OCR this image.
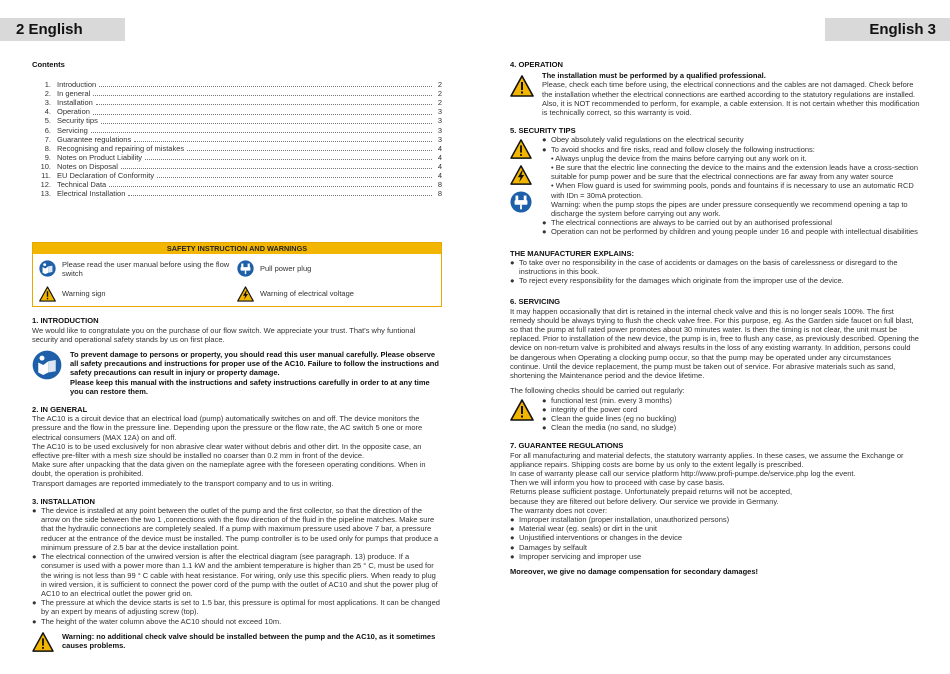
2 English	English 3

Contents

1. Introduction	2
2. In general	2
3. Installation	2
4. Operation	3
5. Security tips	3
6. Servicing	3
7. Guarantee regulations	3
8. Recognising and repairing of mistakes	4
9. Notes on Product Liability	4
10. Notes on Disposal	4
11. EU Declaration of Conformity	4
12. Technical Data	8
13. Electrical Installation	8
SAFETY INSTRUCTION AND WARNINGS
Please read the user manual before using the flow switch
Pull power plug
Warning sign	Warning of electrical voltage

1. INTRODUCTION

We would like to congratulate you on the purchase of our flow switch. We appreciate your trust. That's why funtional security and operational safety stands by us on first place.

To prevent damage to persons or property, you should read this user manual carefully. Please observe all safety precautions and instructions for proper use of the AC10. Failure to follow the instructions and safety precautions can result in injury or property damage.

Please keep this manual with the instructions and safety instructions carefully in order to at any time you can restore them.

2. IN GENERAL

The AC10 is a circuit device that an electrical load (pump) automatically switches on and off. The device monitors the pressure and the flow in the pressure line. Depending upon the pressure or the flow rate, the AC switch 5 one or more electrical consumers (MAX 12A) on and off.

The AC10 is to be used exclusively for non abrasive clear water without debris and other dirt. In the opposite case, an effective pre-filter with a mesh size should be installed no coarser than 0.2 mm in front of the device.

Make sure after unpacking that the data given on the nameplate agree with the foreseen operating conditions. When in doubt, the operation is prohibited.

Transport damages are reported immediately to the transport company and to us in writing.

3. INSTALLATION

● The device is installed at any point between the outlet of the pump and the first collector, so that the direction of the arrow on the side between the two 1 ,connections with the flow direction of the fluid in the pipeline matches. Make sure that the hydraulic connections are completely sealed. If a pump with maximum pressure used above 7 bar, a pressure reducer at the entrance of the device must be installed. The pump controller is to be used only for pumps that produce a minimum pressure of 2.5 bar at the device installation point.
● The electrical connection of the unwired version is after the electrical diagram (see paragraph. 13) produce. If a consumer is used with a power more than 1.1 kW and the ambient temperature is higher than 25 ° C, must be used for the wiring is not less than 99 ° C cable with heat resistance. For wiring, only use this specific pliers. When ready to plug in wired version, it is sufficient to connect the power cord of the pump with the outlet of AC10 and shut the power plug of AC10 to an electrical outlet the power grid on.
● The pressure at which the device starts is set to 1.5 bar, this pressure is optimal for most applications. It can be changed by an expert by means of adjusting screw (top).
● The height of the water column above the AC10 should not exceed 10m.

Warning: no additional check valve should be installed between the pump and the AC10, as it sometimes causes problems.

4. OPERATION

The installation must be performed by a qualified professional.

Please, check each time before using, the electrical connections and the cables are not damaged. Check before the installation whether the electrical connections are earthed according to the statutory regulations are installed.

Also, it is NOT recommended to perform, for example, a cable extension. It is not certain whether this modification is technically correct, so this warranty is void.

5. SECURITY TIPS

● Obey absolutely valid regulations on the electrical security
● To avoid shocks and fire risks, read and follow closely the following instructions:

• Always unplug the device from the mains before carrying out any work on it.

• Be sure that the electric line connecting the device to the mains and the extension leads have a cross-section suitable for pump power and be sure that the electrical connections are far away from any water source

• When Flow guard is used for swimming pools, ponds and fountains if is necessary to use an automatic RCD with IDn = 30mA protection.

Warning: when the pump stops the pipes are under pressure consequently we recommend opening a tap to discharge the system before carrying out any work.

● The electrical connections are always to be carried out by an authorised professional
● Operation can not be performed by children and young people under 16 and people with intellectual disabilities

THE MANUFACTURER EXPLAINS:

● To take over no responsibility in the case of accidents or damages on the basis of carelessness or disregard to the instructions in this book.
● To reject every responsibility for the damages which originate from the improper use of the device.

6. SERVICING

It may happen occasionally that dirt is retained in the internal check valve and this is no longer seals 100%. The first remedy should be always trying to flush the check valve free. For this purpose, eg. As the Garden side faucet on full blast, so that the pump at full rated power promotes about 30 minutes water. Is then the timing is not clear, the unit must be replaced. Prior to installation of the new device, the pump is in, free to flush any case, as previously described. Opening the device on non-return valve is prohibited and always results in the loss of any existing warranty. In addition, persons could be dangerous when Operating a clocking pump occur, so that the pump may be operated under any circumstances continue. Until the device replacement, the pump must be taken out of service. For abrasive materials such as sand, shortening the Maintenance period and the device lifetime.

The following checks should be carried out regularly:

● functional test (min. every 3 months)
● integrity of the power cord
● Clean the guide lines (eg no buckling)
● Clean the media (no sand, no sludge)

7. GUARANTEE REGULATIONS

For all manufacturing and material defects, the statutory warranty applies. In these cases, we assume the Exchange or appliance repairs. Shipping costs are borne by us only to the extent legally is prescribed.

In case of warranty please call our service platform http://www.profi-pumpe.de/service.php log the event.

Then we will inform you how to proceed with case by case basis.

Returns please sufficient postage. Unfortunately prepaid returns will not be accepted,

because they are filtered out before delivery. Our service we provide in Germany.

The warranty does not cover:

● Improper installation (proper installation, unauthorized persons)
● Material wear (eg. seals) or dirt in the unit
● Unjustified interventions or changes in the device
● Damages by selfault
● Improper servicing and improper use

Moreover, we give no damage compensation for secondary damages!
